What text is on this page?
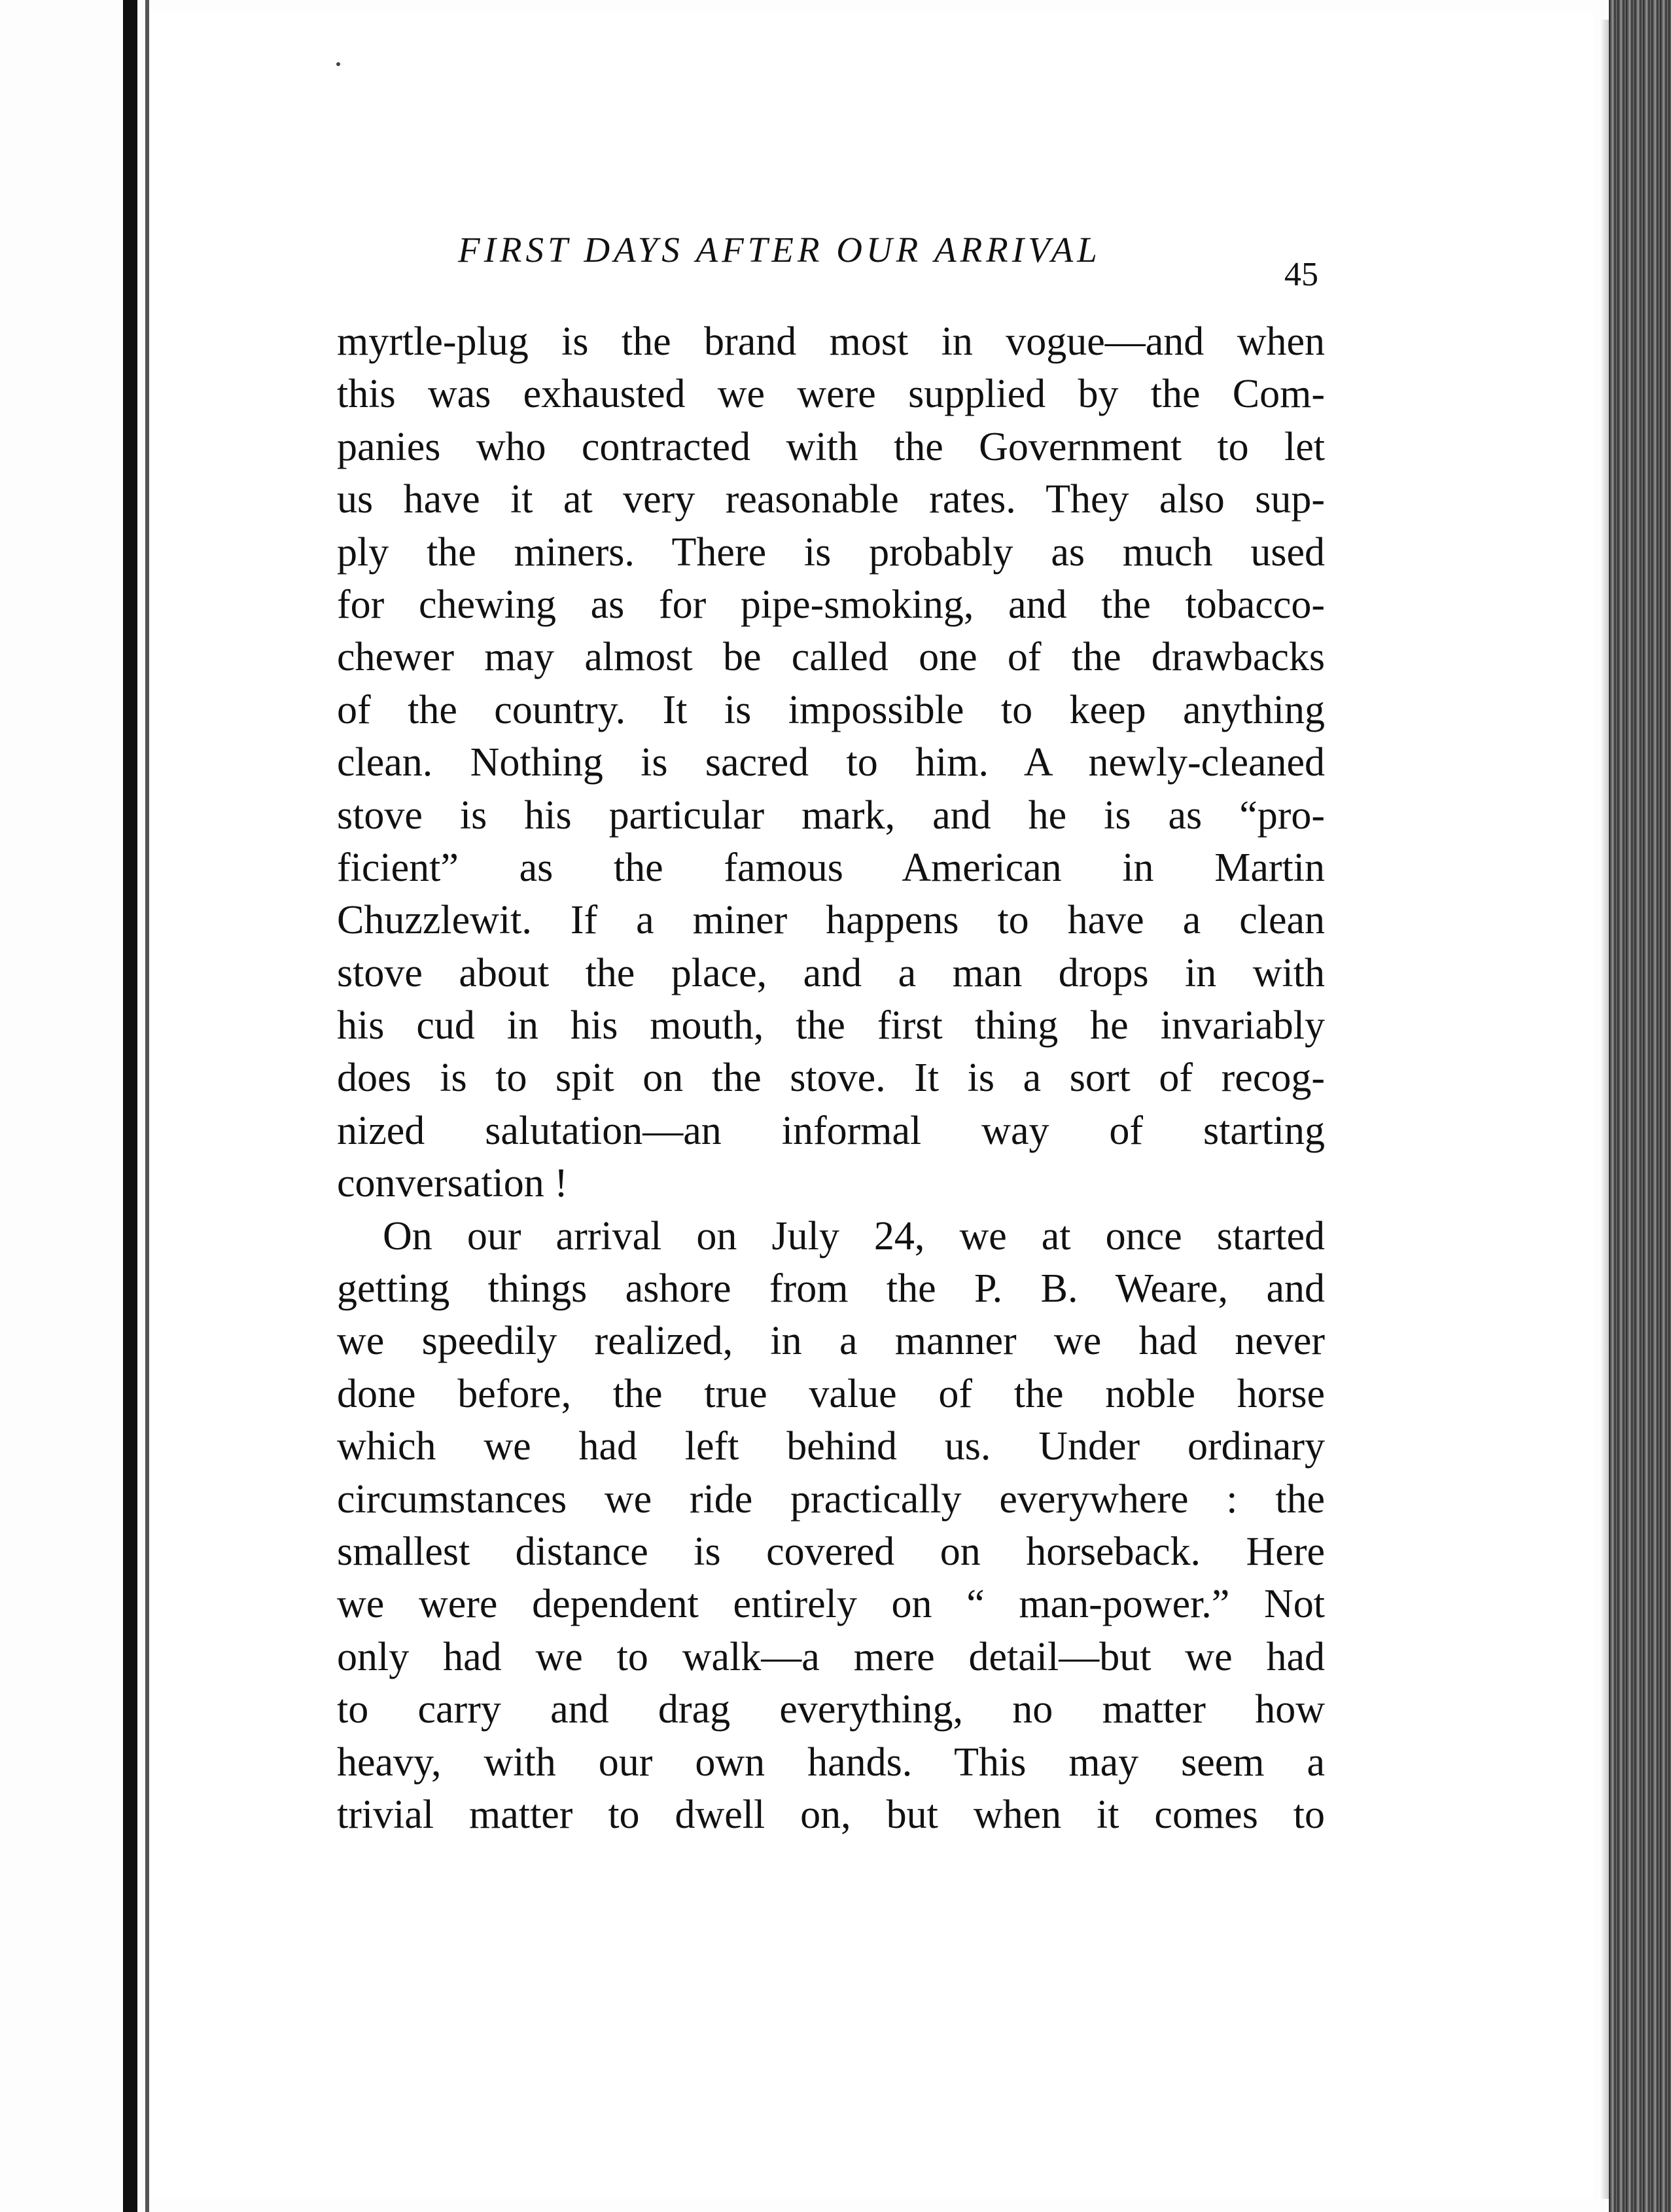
FIRST DAYS AFTER OUR ARRIVAL
45
myrtle-plug is the brand most in vogue—and when
this was exhausted we were supplied by the Com-
panies who contracted with the Government to let
us have it at very reasonable rates. They also sup-
ply the miners. There is probably as much used
for chewing as for pipe-smoking, and the tobacco-
chewer may almost be called one of the drawbacks
of the country. It is impossible to keep anything
clean. Nothing is sacred to him. A newly-cleaned
stove is his particular mark, and he is as “pro-
ficient” as the famous American in Martin
Chuzzlewit. If a miner happens to have a clean
stove about the place, and a man drops in with
his cud in his mouth, the first thing he invariably
does is to spit on the stove. It is a sort of recog-
nized salutation—an informal way of starting
conversation !
On our arrival on July 24, we at once started
getting things ashore from the P. B. Weare, and
we speedily realized, in a manner we had never
done before, the true value of the noble horse
which we had left behind us. Under ordinary
circumstances we ride practically everywhere : the
smallest distance is covered on horseback. Here
we were dependent entirely on “ man-power.” Not
only had we to walk—a mere detail—but we had
to carry and drag everything, no matter how
heavy, with our own hands. This may seem a
trivial matter to dwell on, but when it comes to
